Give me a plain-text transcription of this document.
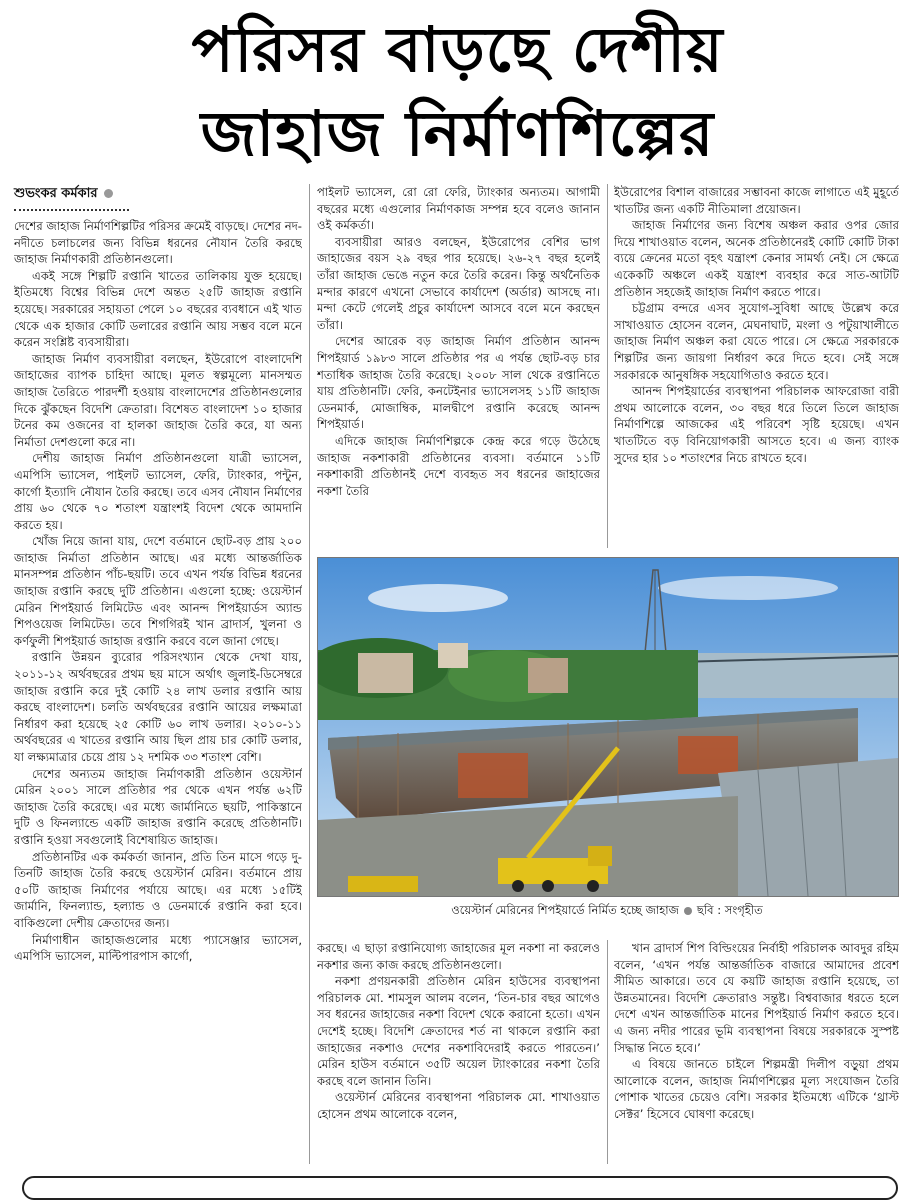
পরিসর বাড়ছে দেশীয়
জাহাজ নির্মাণশিল্পের
শুভংকর কর্মকার

দেশের জাহাজ নির্মাণশিল্পটির পরিসর ক্রমেই বাড়ছে। দেশের নদ-নদীতে চলাচলের জন্য বিভিন্ন ধরনের নৌযান তৈরি করছে জাহাজ নির্মাণকারী প্রতিষ্ঠানগুলো।

একই সঙ্গে শিল্পটি রপ্তানি খাতের তালিকায় যুক্ত হয়েছে। ইতিমধ্যে বিশ্বের বিভিন্ন দেশে অন্তত ২৫টি জাহাজ রপ্তানি হয়েছে। সরকারের সহায়তা পেলে ১০ বছরের ব্যবধানে এই খাত থেকে এক হাজার কোটি ডলারের রপ্তানি আয় সম্ভব বলে মনে করেন সংশ্লিষ্ট ব্যবসায়ীরা।

জাহাজ নির্মাণ ব্যবসায়ীরা বলছেন, ইউরোপে বাংলাদেশি জাহাজের ব্যাপক চাহিদা আছে। মূলত স্বল্পমূল্যে মানসম্মত জাহাজ তৈরিতে পারদর্শী হওয়ায় বাংলাদেশের প্রতিষ্ঠানগুলোর দিকে ঝুঁকছেন বিদেশি ক্রেতারা। বিশেষত বাংলাদেশ ১০ হাজার টনের কম ওজনের বা হালকা জাহাজ তৈরি করে, যা অন্য নির্মাতা দেশগুলো করে না।

দেশীয় জাহাজ নির্মাণ প্রতিষ্ঠানগুলো যাত্রী ভ্যাসেল, এমপিসি ভ্যাসেল, পাইলট ভ্যাসেল, ফেরি, ট্যাংকার, পন্টুন, কার্গো ইত্যাদি নৌযান তৈরি করছে। তবে এসব নৌযান নির্মাণের প্রায় ৬০ থেকে ৭০ শতাংশ যন্ত্রাংশই বিদেশ থেকে আমদানি করতে হয়।

খোঁজ নিয়ে জানা যায়, দেশে বর্তমানে ছোট-বড় প্রায় ২০০ জাহাজ নির্মাতা প্রতিষ্ঠান আছে। এর মধ্যে আন্তর্জাতিক মানসম্পন্ন প্রতিষ্ঠান পাঁচ-ছয়টি। তবে এখন পর্যন্ত বিভিন্ন ধরনের জাহাজ রপ্তানি করছে দুটি প্রতিষ্ঠান। এগুলো হচ্ছে: ওয়েস্টার্ন মেরিন শিপইয়ার্ড লিমিটেড এবং আনন্দ শিপইয়ার্ডস অ্যান্ড শিপওয়েজ লিমিটেড। তবে শিগগিরই খান ব্রাদার্স, খুলনা ও কর্ণফুলী শিপইয়ার্ড জাহাজ রপ্তানি করবে বলে জানা গেছে।

রপ্তানি উন্নয়ন ব্যুরোর পরিসংখ্যান থেকে দেখা যায়, ২০১১-১২ অর্থবছরের প্রথম ছয় মাসে অর্থাৎ জুলাই-ডিসেম্বরে জাহাজ রপ্তানি করে দুই কোটি ২৪ লাখ ডলার রপ্তানি আয় করছে বাংলাদেশ। চলতি অর্থবছরের রপ্তানি আয়ের লক্ষমাত্রা নির্ধারণ করা হয়েছে ২৫ কোটি ৬০ লাখ ডলার। ২০১০-১১ অর্থবছরের এ খাতের রপ্তানি আয় ছিল প্রায় চার কোটি ডলার, যা লক্ষ্যমাত্রার চেয়ে প্রায় ১২ দশমিক ৩৩ শতাংশ বেশি।

দেশের অন্যতম জাহাজ নির্মাণকারী প্রতিষ্ঠান ওয়েস্টার্ন মেরিন ২০০১ সালে প্রতিষ্ঠার পর থেকে এখন পর্যন্ত ৬২টি জাহাজ তৈরি করেছে। এর মধ্যে জার্মানিতে ছয়টি, পাকিস্তানে দুটি ও ফিনল্যান্ডে একটি জাহাজ রপ্তানি করেছে প্রতিষ্ঠানটি। রপ্তানি হওয়া সবগুলোই বিশেষায়িত জাহাজ।

প্রতিষ্ঠানটির এক কর্মকর্তা জানান, প্রতি তিন মাসে গড়ে দু-তিনটি জাহাজ তৈরি করছে ওয়েস্টার্ন মেরিন। বর্তমানে প্রায় ৫০টি জাহাজ নির্মাণের পর্যায়ে আছে। এর মধ্যে ১৫টিই জার্মানি, ফিনল্যান্ড, হল্যান্ড ও ডেনমার্কে রপ্তানি করা হবে। বাকিগুলো দেশীয় ক্রেতাদের জন্য।

নির্মাণাধীন জাহাজগুলোর মধ্যে প্যাসেঞ্জার ভ্যাসেল, এমপিসি ভ্যাসেল, মাল্টিপারপাস কার্গো,

পাইলট ভ্যাসেল, রো রো ফেরি, ট্যাংকার অন্যতম। আগামী বছরের মধ্যে এগুলোর নির্মাণকাজ সম্পন্ন হবে বলেও জানান ওই কর্মকর্তা।

ব্যবসায়ীরা আরও বলছেন, ইউরোপের বেশির ভাগ জাহাজের বয়স ২৯ বছর পার হয়েছে। ২৬-২৭ বছর হলেই তাঁরা জাহাজ ভেঙে নতুন করে তৈরি করেন। কিন্তু অর্থনৈতিক মন্দার কারণে এখনো সেভাবে কার্যাদেশ (অর্ডার) আসছে না। মন্দা কেটে গেলেই প্রচুর কার্যাদেশ আসবে বলে মনে করছেন তাঁরা।

দেশের আরেক বড় জাহাজ নির্মাণ প্রতিষ্ঠান আনন্দ শিপইয়ার্ড ১৯৮৩ সালে প্রতিষ্ঠার পর এ পর্যন্ত ছোট-বড় চার শতাধিক জাহাজ তৈরি করেছে। ২০০৮ সাল থেকে রপ্তানিতে যায় প্রতিষ্ঠানটি। ফেরি, কনটেইনার ভ্যাসেলসহ ১১টি জাহাজ ডেনমার্ক, মোজাম্বিক, মালদ্বীপে রপ্তানি করেছে আনন্দ শিপইয়ার্ড।

এদিকে জাহাজ নির্মাণশিল্পকে কেন্দ্র করে গড়ে উঠেছে জাহাজ নকশাকারী প্রতিষ্ঠানের ব্যবসা। বর্তমানে ১১টি নকশাকারী প্রতিষ্ঠানই দেশে ব্যবহৃত সব ধরনের জাহাজের নকশা তৈরি

ইউরোপের বিশাল বাজারের সম্ভাবনা কাজে লাগাতে এই মুহূর্তে খাতটির জন্য একটি নীতিমালা প্রয়োজন।

জাহাজ নির্মাণের জন্য বিশেষ অঞ্চল করার ওপর জোর দিয়ে শাখাওয়াত বলেন, অনেক প্রতিষ্ঠানেরই কোটি কোটি টাকা ব্যয়ে ক্রেনের মতো বৃহৎ যন্ত্রাংশ কেনার সামর্থ্য নেই। সে ক্ষেত্রে একেকটি অঞ্চলে একই যন্ত্রাংশ ব্যবহার করে সাত-আটটি প্রতিষ্ঠান সহজেই জাহাজ নির্মাণ করতে পারে।

চট্টগ্রাম বন্দরে এসব সুযোগ-সুবিধা আছে উল্লেখ করে সাখাওয়াত হোসেন বলেন, মেঘনাঘাট, মংলা ও পটুয়াখালীতে জাহাজ নির্মাণ অঞ্চল করা যেতে পারে। সে ক্ষেত্রে সরকারকে শিল্পটির জন্য জায়গা নির্ধারণ করে দিতে হবে। সেই সঙ্গে সরকারকে আনুষঙ্গিক সহযোগিতাও করতে হবে।

আনন্দ শিপইয়ার্ডের ব্যবস্থাপনা পরিচালক আফরোজা বারী প্রথম আলোকে বলেন, ৩০ বছর ধরে তিলে তিলে জাহাজ নির্মাণশিল্পে আজকের এই পরিবেশ সৃষ্টি হয়েছে। এখন খাতটিতে বড় বিনিয়োগকারী আসতে হবে। এ জন্য ব্যাংক সুদের হার ১০ শতাংশের নিচে রাখতে হবে।

ওয়েস্টার্ন মেরিনের শিপইয়ার্ডে নির্মিত হচ্ছে জাহাজ ছবি : সংগৃহীত

করছে। এ ছাড়া রপ্তানিযোগ্য জাহাজের মূল নকশা না করলেও নকশার জন্য কাজ করছে প্রতিষ্ঠানগুলো।

নকশা প্রণয়নকারী প্রতিষ্ঠান মেরিন হাউসের ব্যবস্থাপনা পরিচালক মো. শামসুল আলম বলেন, ‘তিন-চার বছর আগেও সব ধরনের জাহাজের নকশা বিদেশ থেকে করানো হতো। এখন দেশেই হচ্ছে। বিদেশি ক্রেতাদের শর্ত না থাকলে রপ্তানি করা জাহাজের নকশাও দেশের নকশাবিদেরাই করতে পারতেন।’ মেরিন হাউস বর্তমানে ৩৫টি অয়েল ট্যাংকারের নকশা তৈরি করছে বলে জানান তিনি।

ওয়েস্টার্ন মেরিনের ব্যবস্থাপনা পরিচালক মো. শাখাওয়াত হোসেন প্রথম আলোকে বলেন,

খান ব্রাদার্স শিপ বিল্ডিংয়ের নির্বাহী পরিচালক আবদুর রহিম বলেন, ‘এখন পর্যন্ত আন্তর্জাতিক বাজারে আমাদের প্রবেশ সীমিত আকারে। তবে যে কয়টি জাহাজ রপ্তানি হয়েছে, তা উন্নতমানের। বিদেশি ক্রেতারাও সন্তুষ্ট। বিশ্ববাজার ধরতে হলে দেশে এখন আন্তর্জাতিক মানের শিপইয়ার্ড নির্মাণ করতে হবে। এ জন্য নদীর পারের ভূমি ব্যবস্থাপনা বিষয়ে সরকারকে সুস্পষ্ট সিদ্ধান্ত নিতে হবে।’

এ বিষয়ে জানতে চাইলে শিল্পমন্ত্রী দিলীপ বড়ুয়া প্রথম আলোকে বলেন, জাহাজ নির্মাণশিল্পের মূল্য সংযোজন তৈরি পোশাক খাতের চেয়েও বেশি। সরকার ইতিমধ্যে এটিকে ‘থ্রাস্ট সেক্টর’ হিসেবে ঘোষণা করেছে।
